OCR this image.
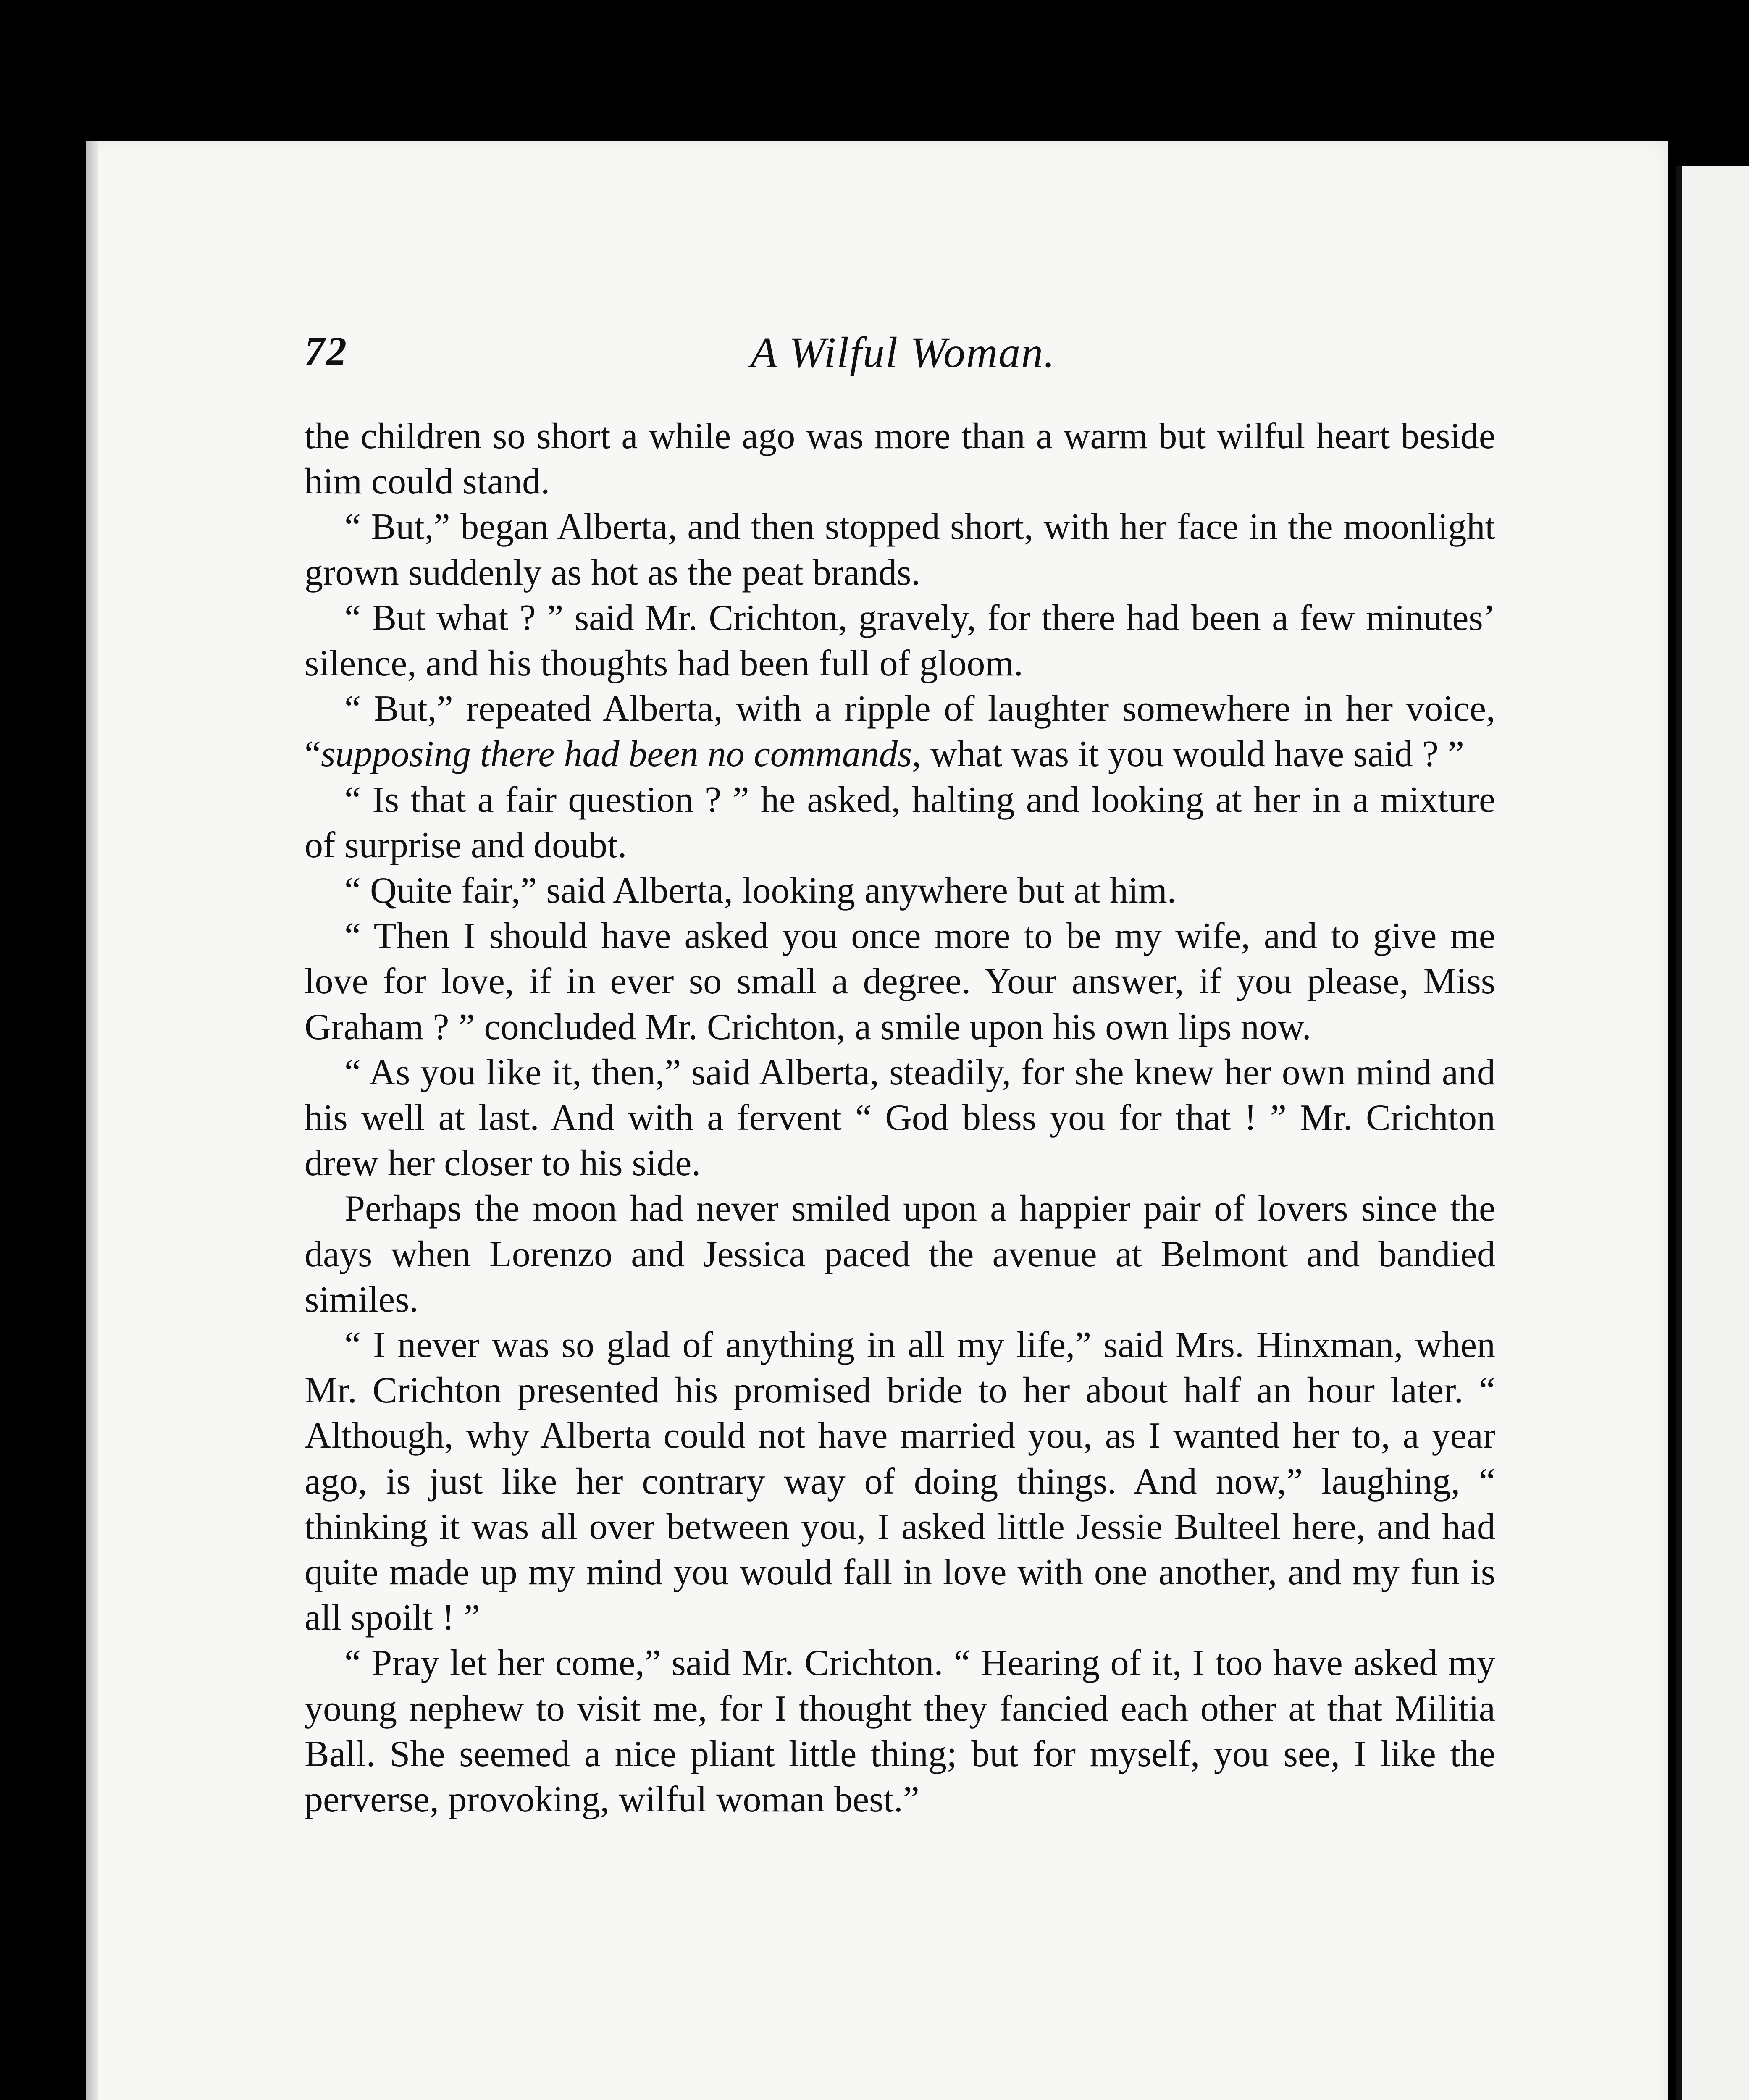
72	A Wilful Woman.

the children so short a while ago was more than a warm but wilful heart beside him could stand.

“ But,” began Alberta, and then stopped short, with her face in the moonlight grown suddenly as hot as the peat brands.

“ But what ? ” said Mr. Crichton, gravely, for there had been a few minutes’ silence, and his thoughts had been full of gloom.

“ But,” repeated Alberta, with a ripple of laughter somewhere in her voice, “supposing there had been no commands, what was it you would have said ? ”

“ Is that a fair question ? ” he asked, halting and looking at her in a mixture of surprise and doubt.

“ Quite fair,” said Alberta, looking anywhere but at him.

“ Then I should have asked you once more to be my wife, and to give me love for love, if in ever so small a degree. Your answer, if you please, Miss Graham ? ” concluded Mr. Crichton, a smile upon his own lips now.

“ As you like it, then,” said Alberta, steadily, for she knew her own mind and his well at last. And with a fervent “ God bless you for that ! ” Mr. Crichton drew her closer to his side.

Perhaps the moon had never smiled upon a happier pair of lovers since the days when Lorenzo and Jessica paced the avenue at Belmont and bandied similes.

“ I never was so glad of anything in all my life,” said Mrs. Hinxman, when Mr. Crichton presented his promised bride to her about half an hour later. “ Although, why Alberta could not have married you, as I wanted her to, a year ago, is just like her contrary way of doing things. And now,” laughing, “ thinking it was all over between you, I asked little Jessie Bulteel here, and had quite made up my mind you would fall in love with one another, and my fun is all spoilt ! ”

“ Pray let her come,” said Mr. Crichton. “ Hearing of it, I too have asked my young nephew to visit me, for I thought they fancied each other at that Militia Ball. She seemed a nice pliant little thing; but for myself, you see, I like the perverse, provoking, wilful woman best.”
